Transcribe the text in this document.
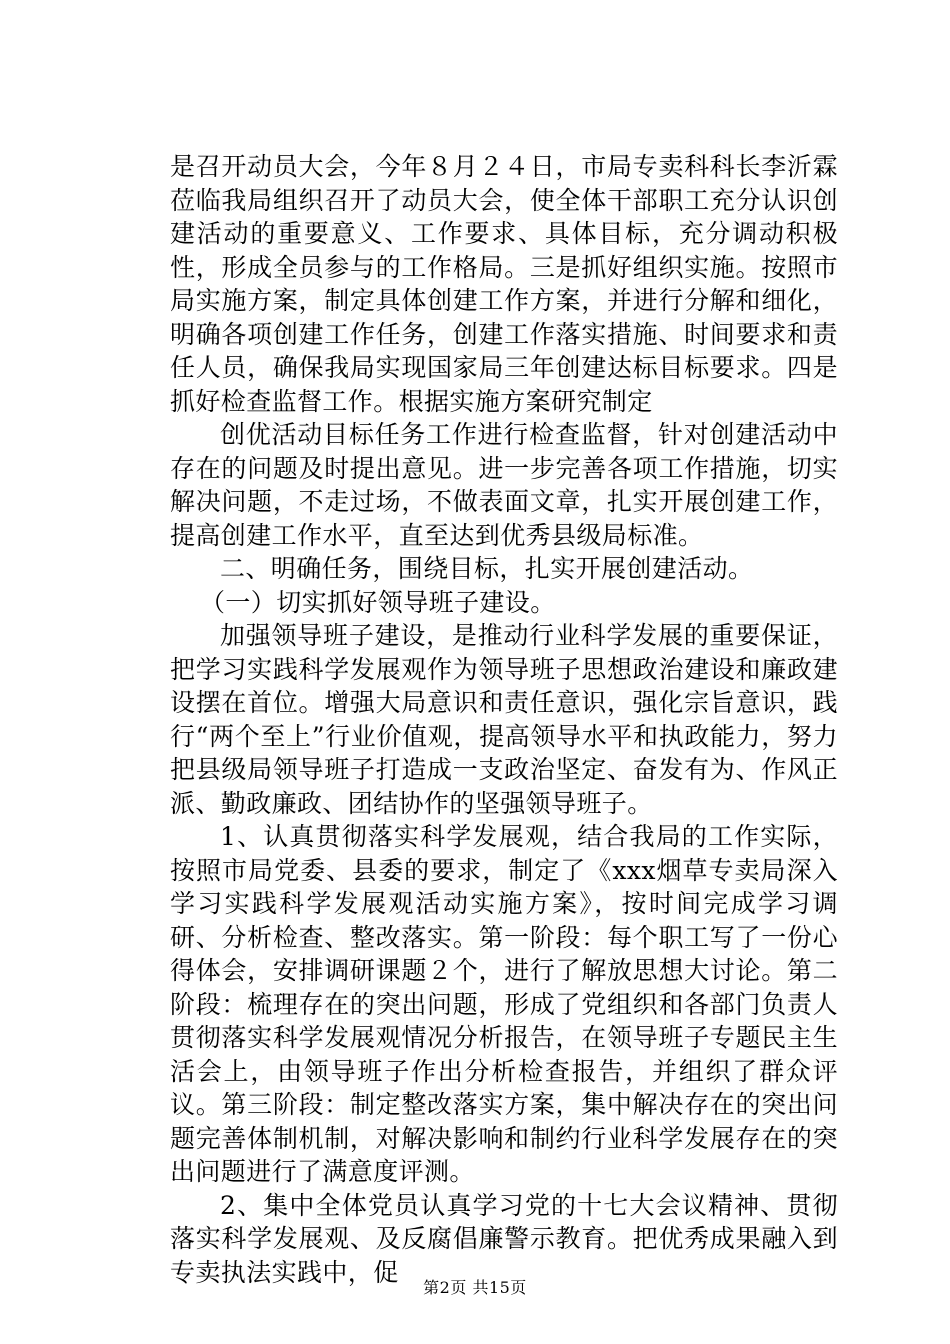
是召开动员大会，今年８月２４日，市局专卖科科长李沂霖莅临我局组织召开了动员大会，使全体干部职工充分认识创建活动的重要意义、工作要求、具体目标，充分调动积极性，形成全员参与的工作格局。三是抓好组织实施。按照市局实施方案，制定具体创建工作方案，并进行分解和细化，明确各项创建工作任务，创建工作落实措施、时间要求和责任人员，确保我局实现国家局三年创建达标目标要求。四是抓好检查监督工作。根据实施方案研究制定

创优活动目标任务工作进行检查监督，针对创建活动中存在的问题及时提出意见。进一步完善各项工作措施，切实解决问题，不走过场，不做表面文章，扎实开展创建工作，提高创建工作水平，直至达到优秀县级局标准。

二、明确任务，围绕目标，扎实开展创建活动。

（一）切实抓好领导班子建设。

加强领导班子建设，是推动行业科学发展的重要保证，把学习实践科学发展观作为领导班子思想政治建设和廉政建设摆在首位。增强大局意识和责任意识，强化宗旨意识，践行“两个至上”行业价值观，提高领导水平和执政能力，努力把县级局领导班子打造成一支政治坚定、奋发有为、作风正派、勤政廉政、团结协作的坚强领导班子。

1、认真贯彻落实科学发展观，结合我局的工作实际，按照市局党委、县委的要求，制定了《xxx烟草专卖局深入学习实践科学发展观活动实施方案》，按时间完成学习调研、分析检查、整改落实。第一阶段：每个职工写了一份心得体会，安排调研课题２个，进行了解放思想大讨论。第二阶段：梳理存在的突出问题，形成了党组织和各部门负责人贯彻落实科学发展观情况分析报告，在领导班子专题民主生活会上，由领导班子作出分析检查报告，并组织了群众评议。第三阶段：制定整改落实方案，集中解决存在的突出问题完善体制机制，对解决影响和制约行业科学发展存在的突出问题进行了满意度评测。

2、集中全体党员认真学习党的十七大会议精神、贯彻落实科学发展观、及反腐倡廉警示教育。把优秀成果融入到专卖执法实践中，促

第2页 共15页
